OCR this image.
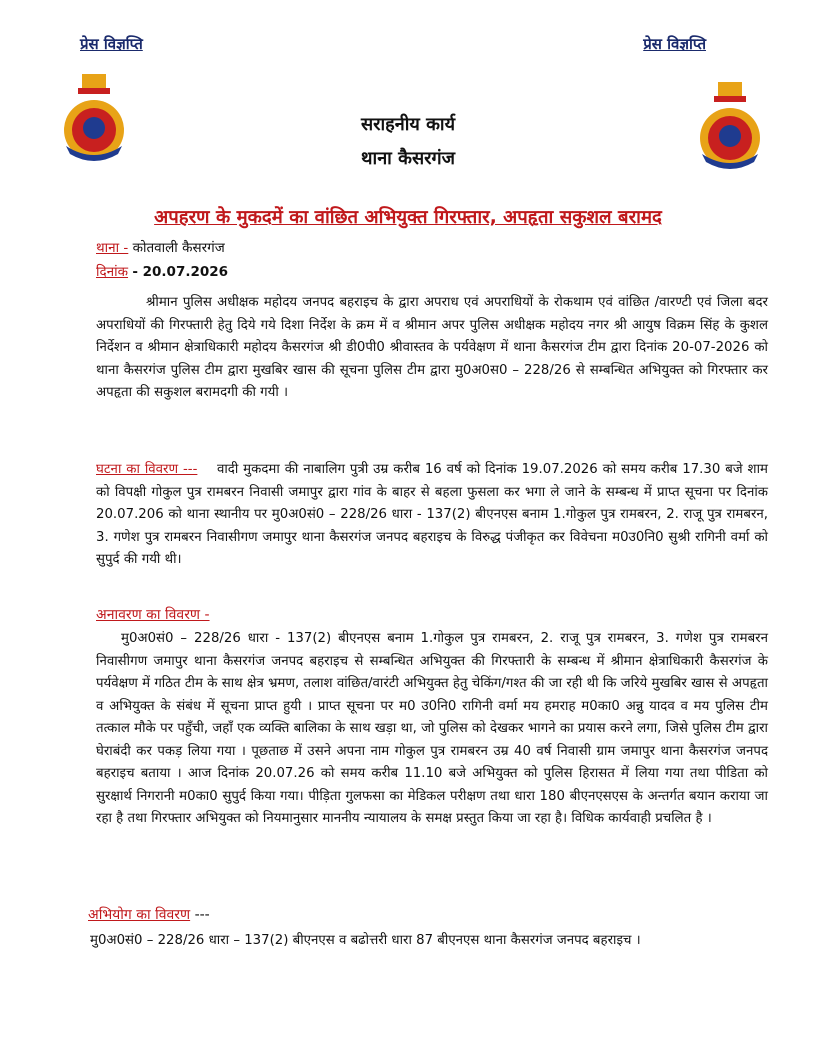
प्रेस विज्ञप्ति	प्रेस विज्ञप्ति
सराहनीय कार्य
थाना कैसरगंज
अपहरण के मुकदमें का वांछित अभियुक्त गिरफ्तार, अपहृता सकुशल बरामद
थाना - कोतवाली कैसरगंज
दिनांक - 20.07.2026

श्रीमान पुलिस अधीक्षक महोदय जनपद बहराइच के द्वारा अपराध एवं अपराधियों के रोकथाम एवं वांछित /वारण्टी एवं जिला बदर अपराधियों की गिरफ्तारी हेतु दिये गये दिशा निर्देश के क्रम में व श्रीमान अपर पुलिस अधीक्षक महोदय नगर श्री आयुष विक्रम सिंह के कुशल निर्देशन व श्रीमान क्षेत्राधिकारी महोदय कैसरगंज श्री डी0पी0 श्रीवास्तव के पर्यवेक्षण में थाना कैसरगंज टीम द्वारा दिनांक 20-07-2026 को थाना कैसरगंज पुलिस टीम द्वारा मुखबिर खास की सूचना पुलिस टीम द्वारा मु0अ0स0 – 228/26 से सम्बन्धित अभियुक्त को गिरफ्तार कर अपहृता की सकुशल बरामदगी की गयी ।

घटना का विवरण --- वादी मुकदमा की नाबालिग पुत्री उम्र करीब 16 वर्ष को दिनांक 19.07.2026 को समय करीब 17.30 बजे शाम को विपक्षी गोकुल पुत्र रामबरन निवासी जमापुर द्वारा गांव के बाहर से बहला फुसला कर भगा ले जाने के सम्बन्ध में प्राप्त सूचना पर दिनांक 20.07.206 को थाना स्थानीय पर मु0अ0सं0 – 228/26 धारा - 137(2) बीएनएस बनाम 1.गोकुल पुत्र रामबरन, 2. राजू पुत्र रामबरन, 3. गणेश पुत्र रामबरन निवासीगण जमापुर थाना कैसरगंज जनपद बहराइच के विरुद्ध पंजीकृत कर विवेचना म0उ0नि0 सुश्री रागिनी वर्मा को सुपुर्द की गयी थी।

अनावरण का विवरण -

मु0अ0सं0 – 228/26 धारा - 137(2) बीएनएस बनाम 1.गोकुल पुत्र रामबरन, 2. राजू पुत्र रामबरन, 3. गणेश पुत्र रामबरन निवासीगण जमापुर थाना कैसरगंज जनपद बहराइच से सम्बन्धित अभियुक्त की गिरफ्तारी के सम्बन्ध में श्रीमान क्षेत्राधिकारी कैसरगंज के पर्यवेक्षण में गठित टीम के साथ क्षेत्र भ्रमण, तलाश वांछित/वारंटी अभियुक्त हेतु चेकिंग/गश्त की जा रही थी कि जरिये मुखबिर खास से अपहृता व अभियुक्त के संबंध में सूचना प्राप्त हुयी । प्राप्त सूचना पर म0 उ0नि0 रागिनी वर्मा मय हमराह म0का0 अन्नु यादव व मय पुलिस टीम तत्काल मौके पर पहुँची, जहाँ एक व्यक्ति बालिका के साथ खड़ा था, जो पुलिस को देखकर भागने का प्रयास करने लगा, जिसे पुलिस टीम द्वारा घेराबंदी कर पकड़ लिया गया । पूछताछ में उसने अपना नाम गोकुल पुत्र रामबरन उम्र 40 वर्ष निवासी ग्राम जमापुर थाना कैसरगंज जनपद बहराइच बताया । आज दिनांक 20.07.26 को समय करीब 11.10 बजे अभियुक्त को पुलिस हिरासत में लिया गया तथा पीडिता को सुरक्षार्थ निगरानी म0का0 सुपुर्द किया गया। पीड़िता गुलफसा का मेडिकल परीक्षण तथा धारा 180 बीएनएसएस के अन्तर्गत बयान कराया जा रहा है तथा गिरफ्तार अभियुक्त को नियमानुसार माननीय न्यायालय के समक्ष प्रस्तुत किया जा रहा है। विधिक कार्यवाही प्रचलित है ।

अभियोग का विवरण ---

मु0अ0सं0 – 228/26 धारा – 137(2) बीएनएस व बढोत्तरी धारा 87 बीएनएस थाना कैसरगंज जनपद बहराइच ।
